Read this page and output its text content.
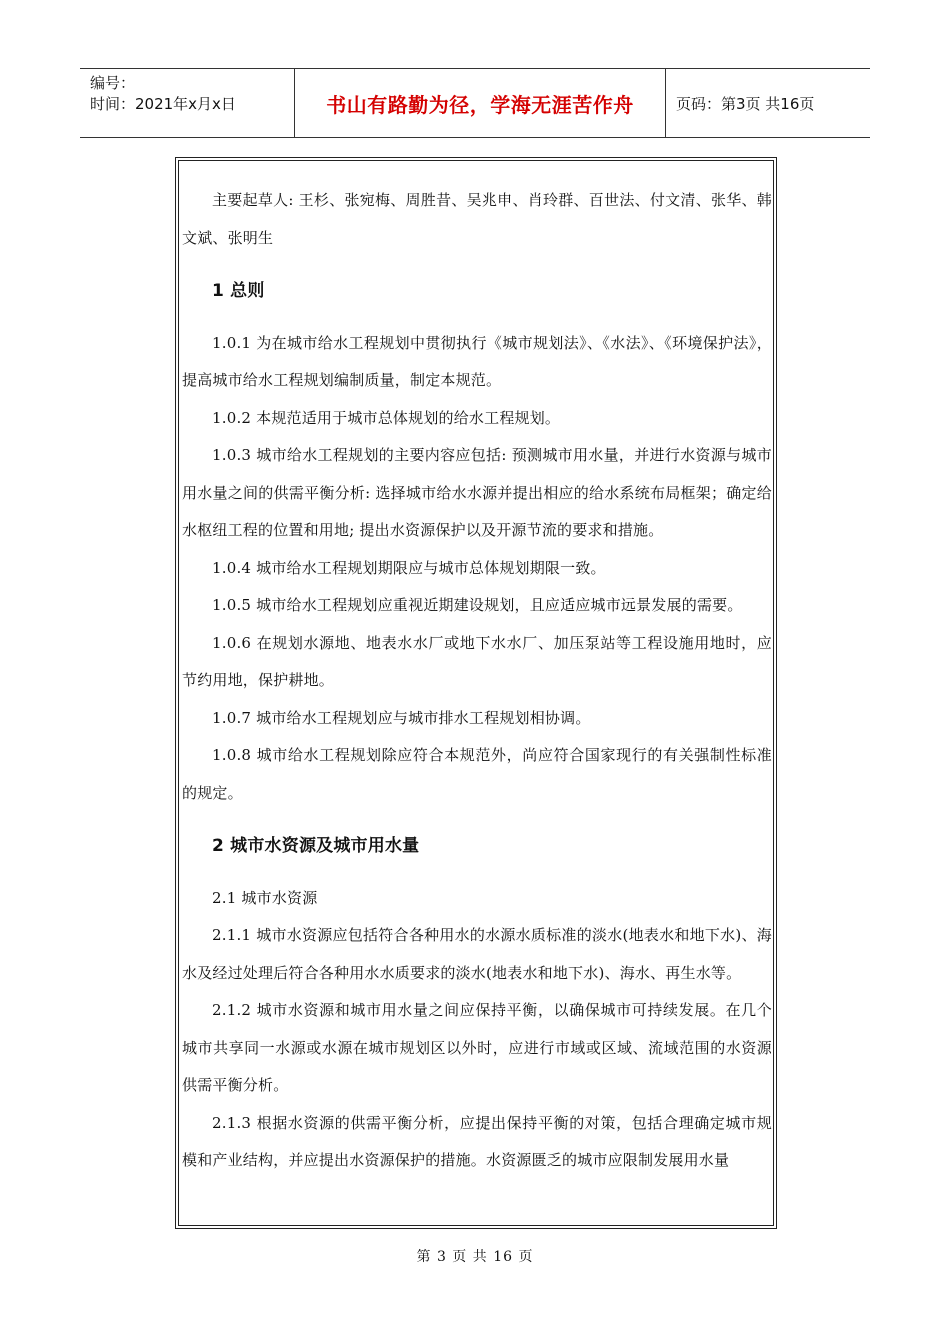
编号：
时间：2021年x月x日	书山有路勤为径，学海无涯苦作舟	页码：第3页 共16页

主要起草人: 王杉、张宛梅、周胜昔、吴兆申、肖玲群、百世法、付文清、张华、韩文斌、张明生

1 总则

1.0.1 为在城市给水工程规划中贯彻执行《城市规划法》、《水法》、《环境保护法》，提高城市给水工程规划编制质量，制定本规范。

1.0.2 本规范适用于城市总体规划的给水工程规划。

1.0.3 城市给水工程规划的主要内容应包括: 预测城市用水量，并进行水资源与城市用水量之间的供需平衡分析: 选择城市给水水源并提出相应的给水系统布局框架；确定给水枢纽工程的位置和用地; 提出水资源保护以及开源节流的要求和措施。

1.0.4 城市给水工程规划期限应与城市总体规划期限一致。

1.0.5 城市给水工程规划应重视近期建设规划，且应适应城市远景发展的需要。

1.0.6 在规划水源地、地表水水厂或地下水水厂、加压泵站等工程设施用地时，应节约用地，保护耕地。

1.0.7 城市给水工程规划应与城市排水工程规划相协调。

1.0.8 城市给水工程规划除应符合本规范外，尚应符合国家现行的有关强制性标准的规定。

2 城市水资源及城市用水量

2.1 城市水资源

2.1.1 城市水资源应包括符合各种用水的水源水质标准的淡水(地表水和地下水)、海水及经过处理后符合各种用水水质要求的淡水(地表水和地下水)、海水、再生水等。

2.1.2 城市水资源和城市用水量之间应保持平衡，以确保城市可持续发展。在几个城市共享同一水源或水源在城市规划区以外时，应进行市域或区域、流域范围的水资源供需平衡分析。

2.1.3 根据水资源的供需平衡分析，应提出保持平衡的对策，包括合理确定城市规模和产业结构，并应提出水资源保护的措施。水资源匮乏的城市应限制发展用水量

第 3 页 共 16 页
